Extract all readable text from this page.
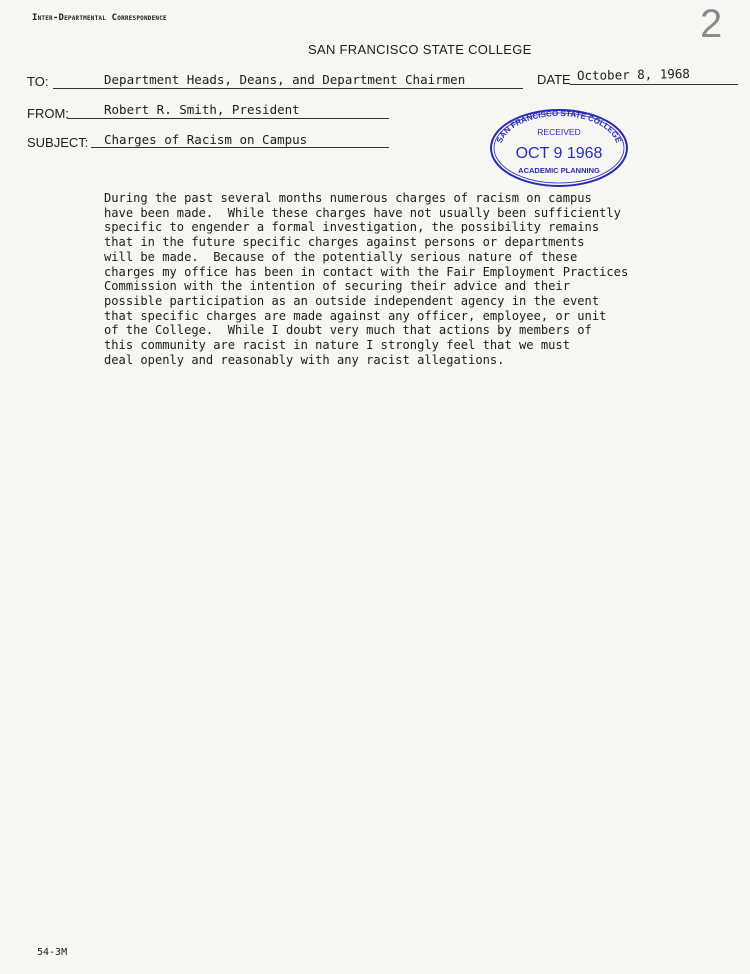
Inter-Departmental Correspondence	2
SAN FRANCISCO STATE COLLEGE
TO:	Department Heads, Deans, and Department Chairmen	DATE October 8, 1968
FROM:	Robert R. Smith, President
SUBJECT: Charges of Racism on Campus	SAN FRANCISCO STATE COLLEGE
RECEIVED
OCT 9 1968
ACADEMIC PLANNING
During the past several months numerous charges of racism on campus
have been made.  While these charges have not usually been sufficiently
specific to engender a formal investigation, the possibility remains
that in the future specific charges against persons or departments
will be made.  Because of the potentially serious nature of these
charges my office has been in contact with the Fair Employment Practices
Commission with the intention of securing their advice and their
possible participation as an outside independent agency in the event
that specific charges are made against any officer, employee, or unit
of the College.  While I doubt very much that actions by members of
this community are racist in nature I strongly feel that we must
deal openly and reasonably with any racist allegations.
54-3M
